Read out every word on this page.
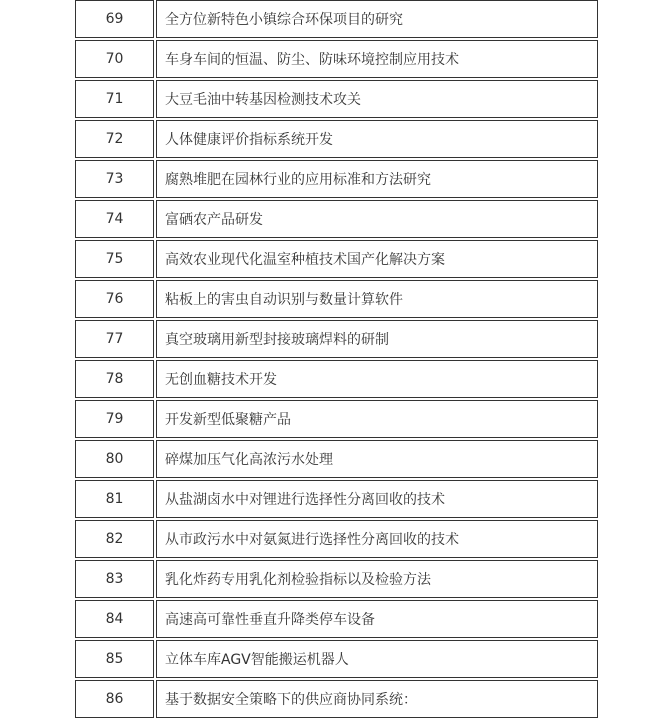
69	全方位新特色小镇综合环保项目的研究
70	车身车间的恒温、防尘、防味环境控制应用技术
71	大豆毛油中转基因检测技术攻关
72	人体健康评价指标系统开发
73	腐熟堆肥在园林行业的应用标准和方法研究
74	富硒农产品研发
75	高效农业现代化温室种植技术国产化解决方案
76	粘板上的害虫自动识别与数量计算软件
77	真空玻璃用新型封接玻璃焊料的研制
78	无创血糖技术开发
79	开发新型低聚糖产品
80	碎煤加压气化高浓污水处理
81	从盐湖卤水中对锂进行选择性分离回收的技术
82	从市政污水中对氨氮进行选择性分离回收的技术
83	乳化炸药专用乳化剂检验指标以及检验方法
84	高速高可靠性垂直升降类停车设备
85	立体车库AGV智能搬运机器人
86	基于数据安全策略下的供应商协同系统：
